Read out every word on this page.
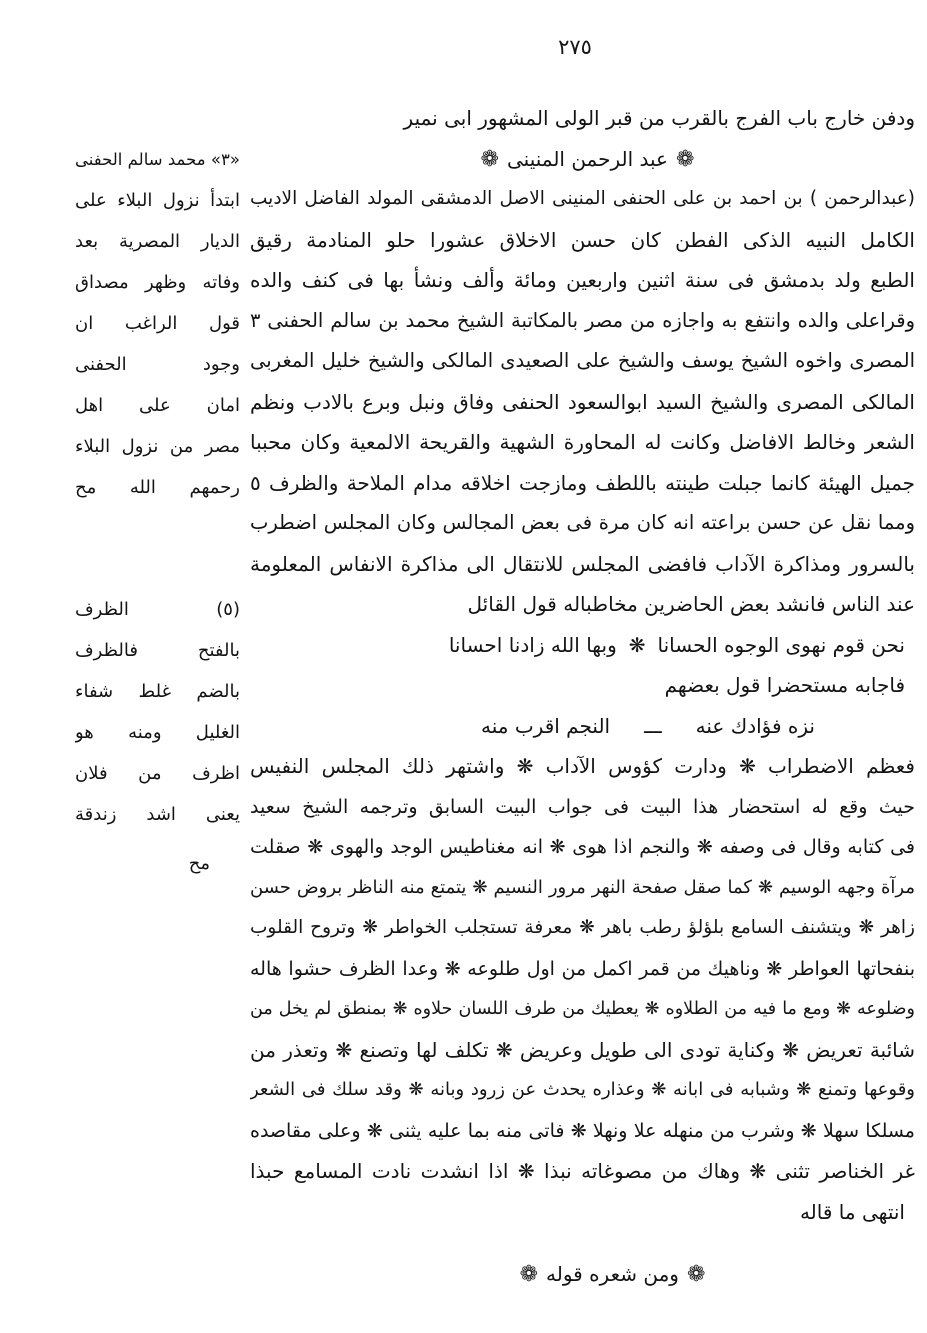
٢٧٥
ودفن خارج باب الفرج بالقرب من قبر الولى المشهور ابى نمير
❁عبد الرحمن المنينى❁
(عبدالرحمن ) بن احمد بن على الحنفى المنينى الاصل الدمشقى المولد الفاضل الاديب
الكامل النبيه الذكى الفطن كان حسن الاخلاق عشورا حلو المنادمة رقيق
الطبع ولد بدمشق فى سنة اثنين واربعين ومائة وألف ونشأ بها فى كنف والده
وقراعلى والده وانتفع به واجازه من مصر بالمكاتبة الشيخ محمد بن سالم الحفنى ٣
المصرى واخوه الشيخ يوسف والشيخ على الصعيدى المالكى والشيخ خليل المغربى
المالكى المصرى والشيخ السيد ابوالسعود الحنفى وفاق ونبل وبرع بالادب ونظم
الشعر وخالط الافاضل وكانت له المحاورة الشهية والقريحة الالمعية وكان محببا
جميل الهيئة كانما جبلت طينته باللطف ومازجت اخلاقه مدام الملاحة والظرف ٥
ومما نقل عن حسن براعته انه كان مرة فى بعض المجالس وكان المجلس اضطرب
بالسرور ومذاكرة الآداب فافضى المجلس للانتقال الى مذاكرة الانفاس المعلومة
عند الناس فانشد بعض الحاضرين مخاطباله قول القائل
نحن قوم نهوى الوجوه الحسانا
❋
وبها الله زادنا احسانا
فاجابه مستحضرا قول بعضهم
نزه فؤادك عنه
ـــ
النجم اقرب منه
فعظم الاضطراب ❋ ودارت كؤوس الآداب ❋ واشتهر ذلك المجلس النفيس
حيث وقع له استحضار هذا البيت فى جواب البيت السابق وترجمه الشيخ سعيد
فى كتابه وقال فى وصفه ❋ والنجم اذا هوى ❋ انه مغناطيس الوجد والهوى ❋ صقلت
مرآة وجهه الوسيم ❋ كما صقل صفحة النهر مرور النسيم ❋ يتمتع منه الناظر بروض حسن
زاهر ❋ ويتشنف السامع بلؤلؤ رطب باهر ❋ معرفة تستجلب الخواطر ❋ وتروح القلوب
بنفحاتها العواطر ❋ وناهيك من قمر اكمل من اول طلوعه ❋ وعدا الظرف حشوا هاله
وضلوعه ❋ ومع ما فيه من الطلاوه ❋ يعطيك من طرف اللسان حلاوه ❋ بمنطق لم يخل من
شائبة تعريض ❋ وكناية تودى الى طويل وعريض ❋ تكلف لها وتصنع ❋ وتعذر من
وقوعها وتمنع ❋ وشبابه فى ابانه ❋ وعذاره يحدث عن زرود وبانه ❋ وقد سلك فى الشعر
مسلكا سهلا ❋ وشرب من منهله علا ونهلا ❋ فاتى منه بما عليه يثنى ❋ وعلى مقاصده
غر الخناصر تثنى ❋ وهاك من مصوغاته نبذا ❋ اذا انشدت نادت المسامع حبذا
انتهى ما قاله
❁ومن شعره قوله❁
«٣» محمد سالم الحفنى
ابتدأ نزول البلاء على
الديار المصرية بعد
وفاته وظهر مصداق
قول الراغب ان
وجود الحفنى
امان على اهل
مصر من نزول البلاء
رحمهم الله مح
(٥) الظرف
بالفتح فالظرف
بالضم غلط شفاء
الغليل ومنه هو
اظرف من فلان
يعنى اشد زندقة
مح
